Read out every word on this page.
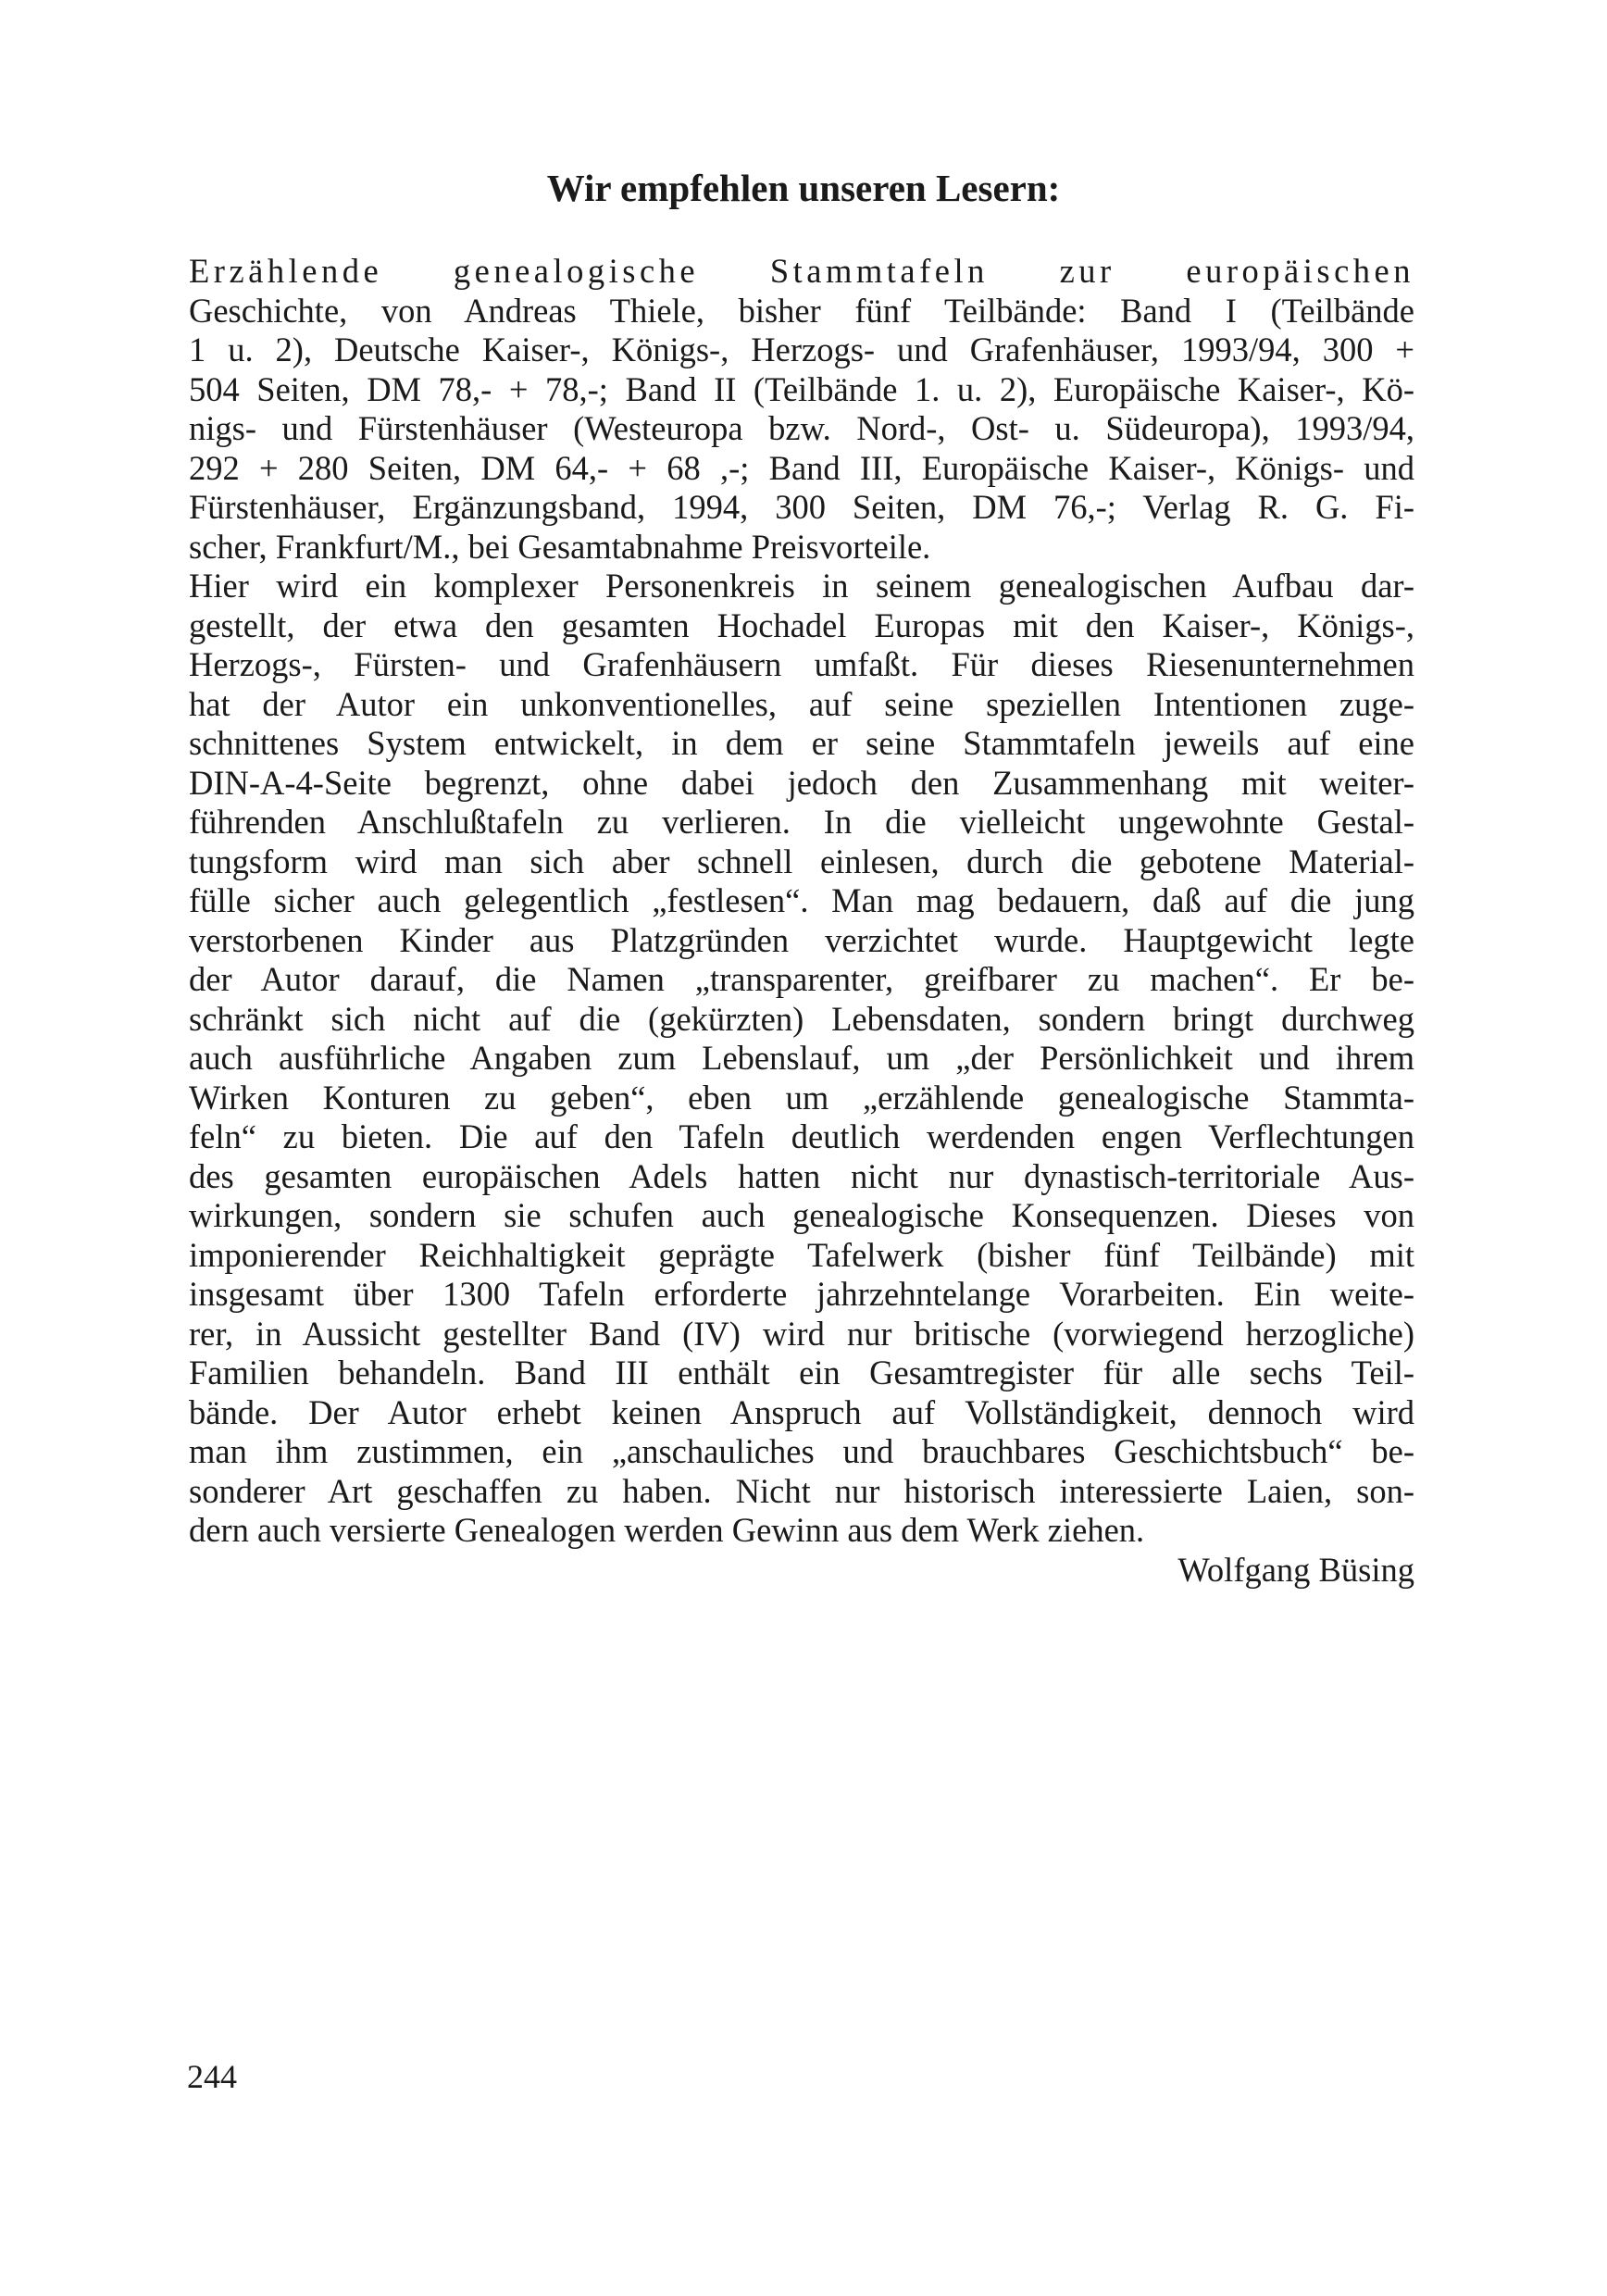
Wir empfehlen unseren Lesern:
Erzählende genealogische Stammtafeln zur europäischen
Geschichte, von Andreas Thiele, bisher fünf Teilbände: Band I (Teilbände
1 u. 2), Deutsche Kaiser-, Königs-, Herzogs- und Grafenhäuser, 1993/94, 300 +
504 Seiten, DM 78,- + 78,-; Band II (Teilbände 1. u. 2), Europäische Kaiser-, Kö-
nigs- und Fürstenhäuser (Westeuropa bzw. Nord-, Ost- u. Südeuropa), 1993/94,
292 + 280 Seiten, DM 64,- + 68 ,-; Band III, Europäische Kaiser-, Königs- und
Fürstenhäuser, Ergänzungsband, 1994, 300 Seiten, DM 76,-; Verlag R. G. Fi-
scher, Frankfurt/M., bei Gesamtabnahme Preisvorteile.
Hier wird ein komplexer Personenkreis in seinem genealogischen Aufbau dar-
gestellt, der etwa den gesamten Hochadel Europas mit den Kaiser-, Königs-,
Herzogs-, Fürsten- und Grafenhäusern umfaßt. Für dieses Riesenunternehmen
hat der Autor ein unkonventionelles, auf seine speziellen Intentionen zuge-
schnittenes System entwickelt, in dem er seine Stammtafeln jeweils auf eine
DIN-A-4-Seite begrenzt, ohne dabei jedoch den Zusammenhang mit weiter-
führenden Anschlußtafeln zu verlieren. In die vielleicht ungewohnte Gestal-
tungsform wird man sich aber schnell einlesen, durch die gebotene Material-
fülle sicher auch gelegentlich „festlesen“. Man mag bedauern, daß auf die jung
verstorbenen Kinder aus Platzgründen verzichtet wurde. Hauptgewicht legte
der Autor darauf, die Namen „transparenter, greifbarer zu machen“. Er be-
schränkt sich nicht auf die (gekürzten) Lebensdaten, sondern bringt durchweg
auch ausführliche Angaben zum Lebenslauf, um „der Persönlichkeit und ihrem
Wirken Konturen zu geben“, eben um „erzählende genealogische Stammta-
feln“ zu bieten. Die auf den Tafeln deutlich werdenden engen Verflechtungen
des gesamten europäischen Adels hatten nicht nur dynastisch-territoriale Aus-
wirkungen, sondern sie schufen auch genealogische Konsequenzen. Dieses von
imponierender Reichhaltigkeit geprägte Tafelwerk (bisher fünf Teilbände) mit
insgesamt über 1300 Tafeln erforderte jahrzehntelange Vorarbeiten. Ein weite-
rer, in Aussicht gestellter Band (IV) wird nur britische (vorwiegend herzogliche)
Familien behandeln. Band III enthält ein Gesamtregister für alle sechs Teil-
bände. Der Autor erhebt keinen Anspruch auf Vollständigkeit, dennoch wird
man ihm zustimmen, ein „anschauliches und brauchbares Geschichtsbuch“ be-
sonderer Art geschaffen zu haben. Nicht nur historisch interessierte Laien, son-
dern auch versierte Genealogen werden Gewinn aus dem Werk ziehen.
Wolfgang Büsing
244
